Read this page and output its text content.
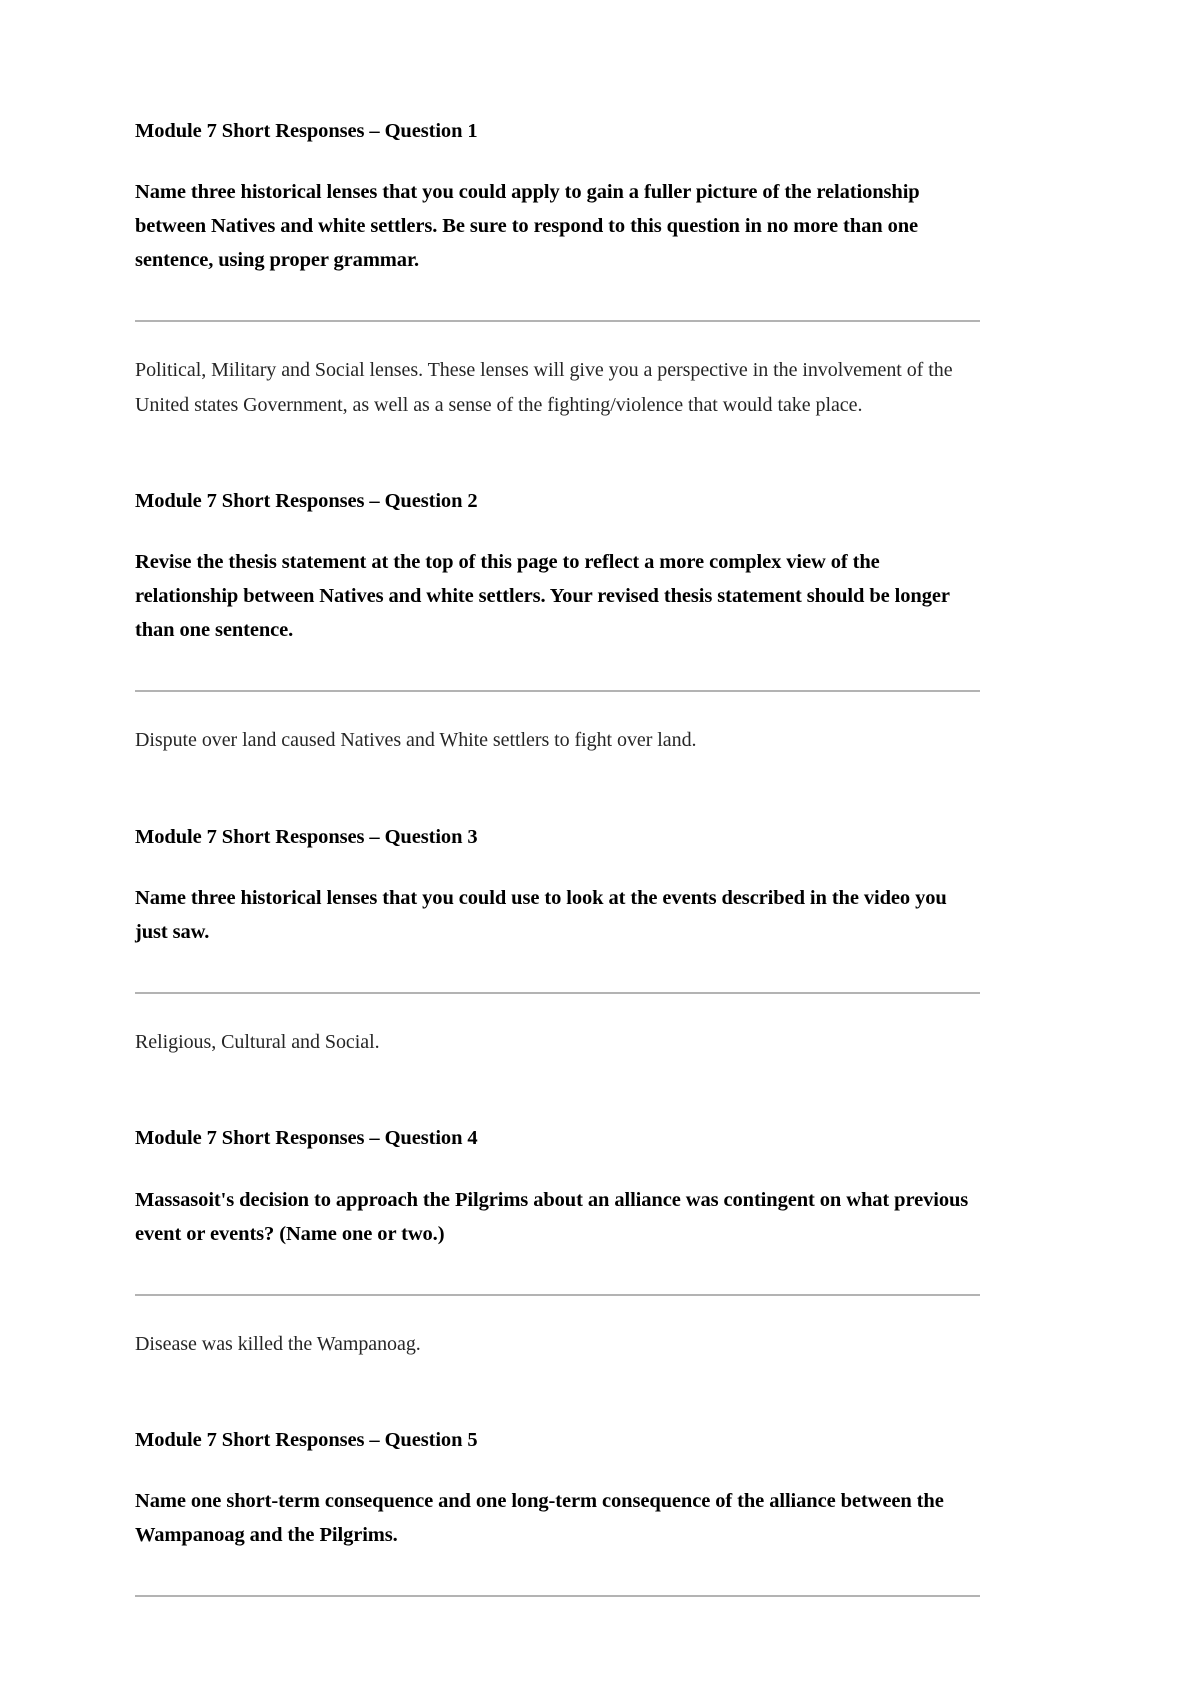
Module 7 Short Responses – Question 1

Name three historical lenses that you could apply to gain a fuller picture of the relationship between Natives and white settlers. Be sure to respond to this question in no more than one sentence, using proper grammar.

Political, Military and Social lenses. These lenses will give you a perspective in the involvement of the United states Government, as well as a sense of the fighting/violence that would take place.

Module 7 Short Responses – Question 2

Revise the thesis statement at the top of this page to reflect a more complex view of the relationship between Natives and white settlers. Your revised thesis statement should be longer than one sentence.

Dispute over land caused Natives and White settlers to fight over land.

Module 7 Short Responses – Question 3

Name three historical lenses that you could use to look at the events described in the video you just saw.

Religious, Cultural and Social.

Module 7 Short Responses – Question 4

Massasoit's decision to approach the Pilgrims about an alliance was contingent on what previous event or events? (Name one or two.)

Disease was killed the Wampanoag.

Module 7 Short Responses – Question 5

Name one short-term consequence and one long-term consequence of the alliance between the Wampanoag and the Pilgrims.
